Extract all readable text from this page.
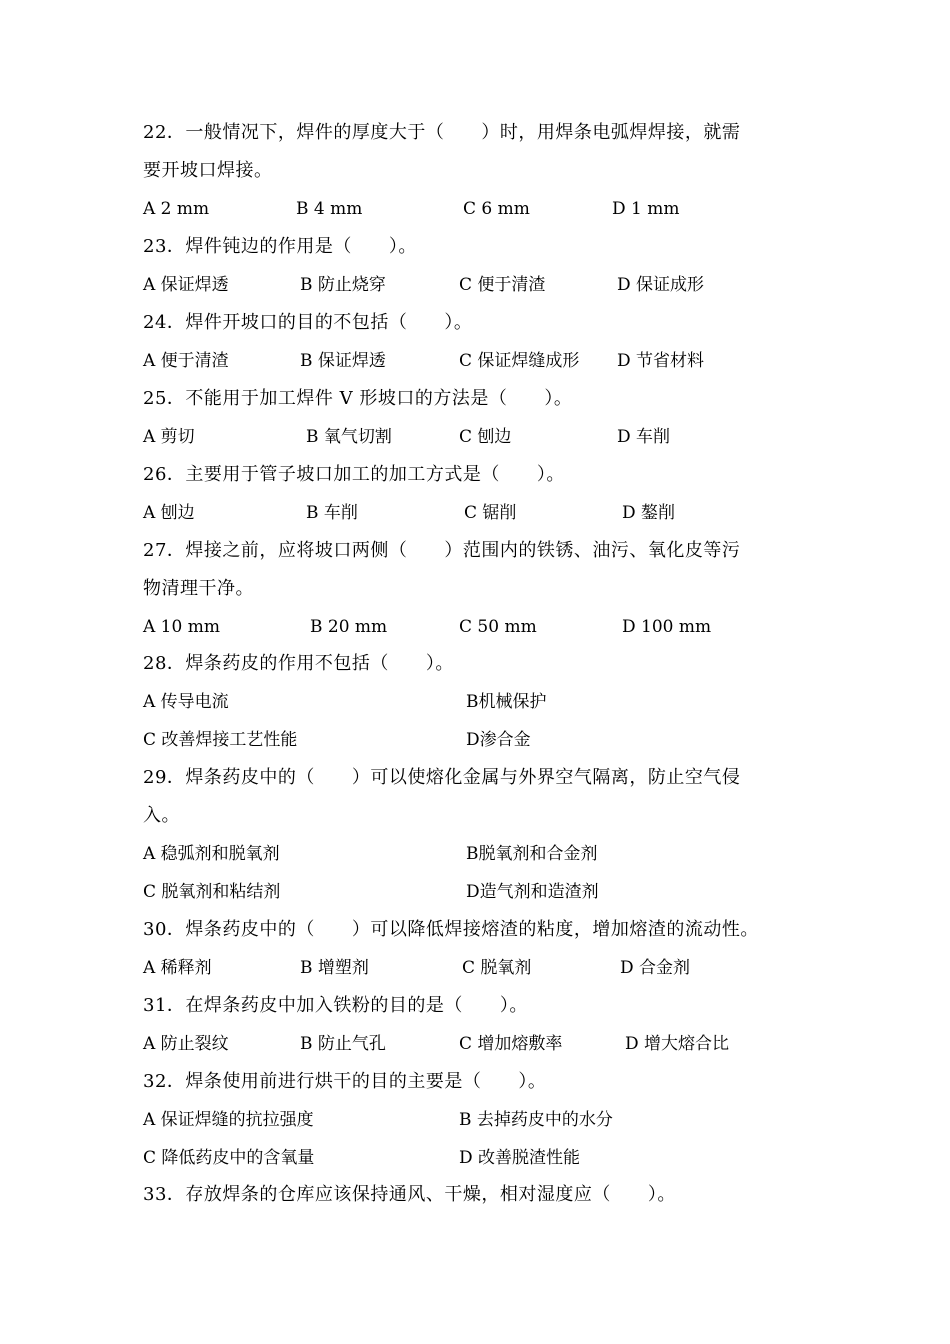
22．一般情况下，焊件的厚度大于（　　）时，用焊条电弧焊焊接，就需
要开坡口焊接。
A 2 mm	B 4 mm	C 6 mm	D 1 mm
23．焊件钝边的作用是（　　）。
A 保证焊透	B 防止烧穿	C 便于清渣	D 保证成形
24．焊件开坡口的目的不包括（　　）。
A 便于清渣	B 保证焊透	C 保证焊缝成形 D 节省材料
25．不能用于加工焊件 V 形坡口的方法是（　　）。
A 剪切	B 氧气切割	C 刨边	D 车削
26．主要用于管子坡口加工的加工方式是（　　）。
A 刨边	B 车削	C 锯削	D 鏊削
27．焊接之前，应将坡口两侧（　　）范围内的铁锈、油污、氧化皮等污
物清理干净。
A 10 mm	B 20 mm	C 50 mm	D 100 mm
28．焊条药皮的作用不包括（　　）。
A 传导电流	B机械保护
C 改善焊接工艺性能	D渗合金
29．焊条药皮中的（　　）可以使熔化金属与外界空气隔离，防止空气侵
入。
A 稳弧剂和脱氧剂	B脱氧剂和合金剂
C 脱氧剂和粘结剂	D造气剂和造渣剂
30．焊条药皮中的（　　）可以降低焊接熔渣的粘度，增加熔渣的流动性。
A 稀释剂	B 增塑剂	C 脱氧剂	D 合金剂
31．在焊条药皮中加入铁粉的目的是（　　）。
A 防止裂纹	B 防止气孔	C 增加熔敷率	D 增大熔合比
32．焊条使用前进行烘干的目的主要是（　　）。
A 保证焊缝的抗拉强度	B 去掉药皮中的水分
C 降低药皮中的含氧量	D 改善脱渣性能
33．存放焊条的仓库应该保持通风、干燥，相对湿度应（　　）。
